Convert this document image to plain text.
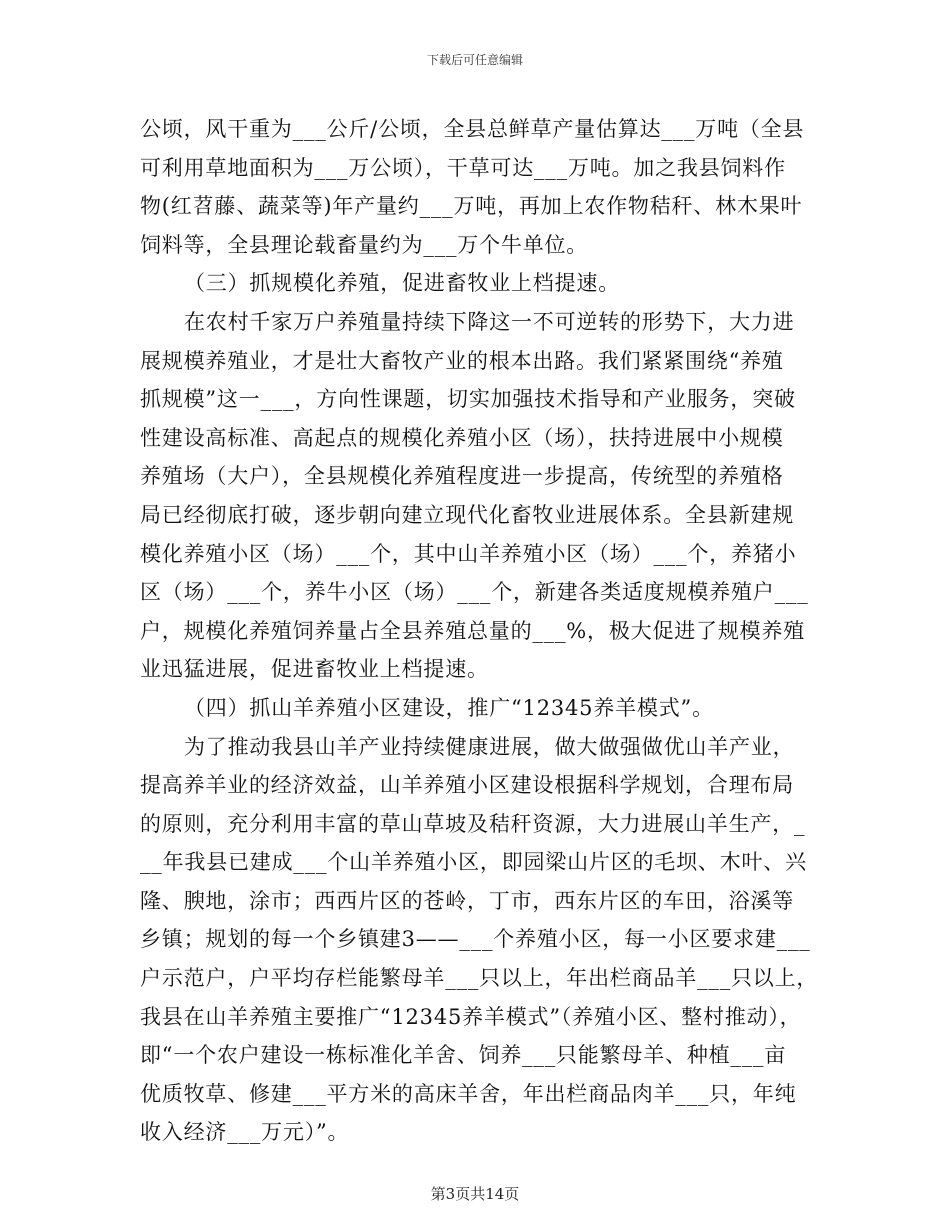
下载后可任意编辑
公顷，风干重为___公斤/公顷，全县总鲜草产量估算达___万吨（全县
可利用草地面积为___万公顷），干草可达___万吨。加之我县饲料作
物(红苕藤、蔬菜等)年产量约___万吨，再加上农作物秸秆、林木果叶
饲料等，全县理论载畜量约为___万个牛单位。
（三）抓规模化养殖，促进畜牧业上档提速。
在农村千家万户养殖量持续下降这一不可逆转的形势下，大力进
展规模养殖业，才是壮大畜牧产业的根本出路。我们紧紧围绕“养殖
抓规模”这一___，方向性课题，切实加强技术指导和产业服务，突破
性建设高标准、高起点的规模化养殖小区（场），扶持进展中小规模
养殖场（大户），全县规模化养殖程度进一步提高，传统型的养殖格
局已经彻底打破，逐步朝向建立现代化畜牧业进展体系。全县新建规
模化养殖小区（场）___个，其中山羊养殖小区（场）___个，养猪小
区（场）___个，养牛小区（场）___个，新建各类适度规模养殖户___
户，规模化养殖饲养量占全县养殖总量的___%，极大促进了规模养殖
业迅猛进展，促进畜牧业上档提速。
（四）抓山羊养殖小区建设，推广“12345养羊模式”。
为了推动我县山羊产业持续健康进展，做大做强做优山羊产业，
提高养羊业的经济效益，山羊养殖小区建设根据科学规划，合理布局
的原则，充分利用丰富的草山草坡及秸秆资源，大力进展山羊生产，_
__年我县已建成___个山羊养殖小区，即园梁山片区的毛坝、木叶、兴
隆、腴地，涂市；西西片区的苍岭，丁市，西东片区的车田，浴溪等
乡镇；规划的每一个乡镇建3——___个养殖小区，每一小区要求建___
户示范户，户平均存栏能繁母羊___只以上，年出栏商品羊___只以上，
我县在山羊养殖主要推广“12345养羊模式”（养殖小区、整村推动），
即“一个农户建设一栋标准化羊舍、饲养___只能繁母羊、种植___亩
优质牧草、修建___平方米的高床羊舍，年出栏商品肉羊___只，年纯
收入经济___万元）”。
第3页共14页
